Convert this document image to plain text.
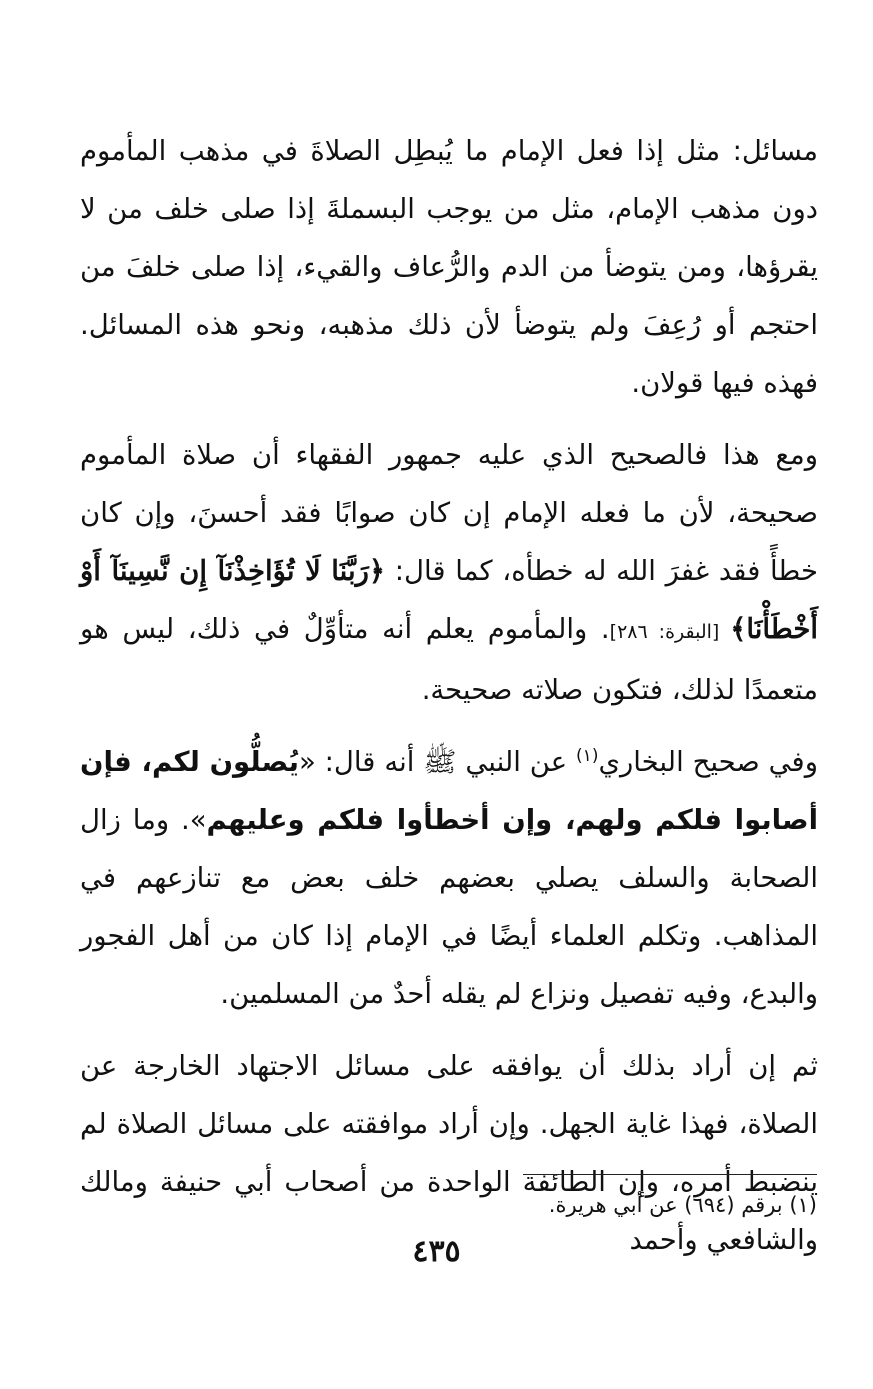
مسائل: مثل إذا فعل الإمام ما يُبطِل الصلاةَ في مذهب المأموم دون مذهب الإمام، مثل من يوجب البسملةَ إذا صلى خلف من لا يقرؤها، ومن يتوضأ من الدم والرُّعاف والقيء، إذا صلى خلفَ من احتجم أو رُعِفَ ولم يتوضأ لأن ذلك مذهبه، ونحو هذه المسائل. فهذه فيها قولان.

ومع هذا فالصحيح الذي عليه جمهور الفقهاء أن صلاة المأموم صحيحة، لأن ما فعله الإمام إن كان صوابًا فقد أحسنَ، وإن كان خطأً فقد غفرَ الله له خطأه، كما قال: ﴿رَبَّنَا لَا تُؤَاخِذْنَآ إِن نَّسِينَآ أَوْ أَخْطَأْنَا﴾ [البقرة: ٢٨٦]. والمأموم يعلم أنه متأوِّلٌ في ذلك، ليس هو متعمدًا لذلك، فتكون صلاته صحيحة.

وفي صحيح البخاري$^{(١)}$ عن النبي ﷺ أنه قال: «يُصلُّون لكم، فإن أصابوا فلكم ولهم، وإن أخطأوا فلكم وعليهم». وما زال الصحابة والسلف يصلي بعضهم خلف بعض مع تنازعهم في المذاهب. وتكلم العلماء أيضًا في الإمام إذا كان من أهل الفجور والبدع، وفيه تفصيل ونزاع لم يقله أحدٌ من المسلمين.

ثم إن أراد بذلك أن يوافقه على مسائل الاجتهاد الخارجة عن الصلاة، فهذا غاية الجهل. وإن أراد موافقته على مسائل الصلاة لم ينضبط أمره، وإن الطائفة الواحدة من أصحاب أبي حنيفة ومالك والشافعي وأحمد

(١) برقم (٦٩٤) عن أبي هريرة.

٤٣٥
